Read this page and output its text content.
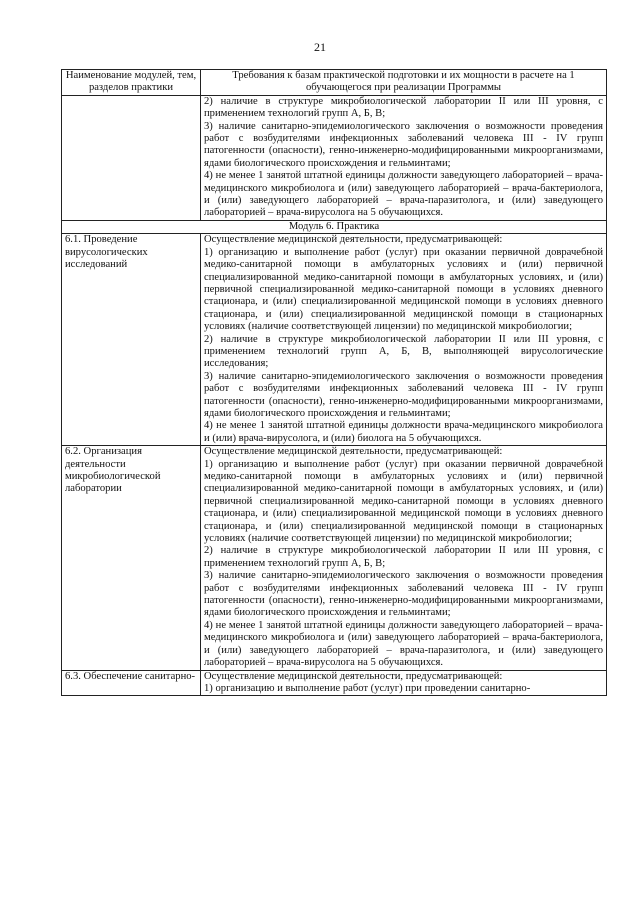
21
Наименование модулей, тем, разделов практики	Требования к базам практической подготовки и их мощности в расчете на 1 обучающегося при реализации Программы

	2) наличие в структуре микробиологической лаборатории II или III уровня, с применением технологий групп А, Б, В;
3) наличие санитарно-эпидемиологического заключения о возможности проведения работ с возбудителями инфекционных заболеваний человека III - IV групп патогенности (опасности), генно-инженерно-модифицированными микроорганизмами, ядами биологического происхождения и гельминтами;
4) не менее 1 занятой штатной единицы должности заведующего лабораторией – врача-медицинского микробиолога и (или) заведующего лабораторией – врача-бактериолога, и (или) заведующего лабораторией – врача-паразитолога, и (или) заведующего лабораторией – врача-вирусолога на 5 обучающихся.

Модуль 6. Практика	
6.1. Проведение вирусологических исследований	Осуществление медицинской деятельности, предусматривающей:
1) организацию и выполнение работ (услуг) при оказании первичной доврачебной медико-санитарной помощи в амбулаторных условиях и (или) первичной специализированной медико-санитарной помощи в амбулаторных условиях, и (или) первичной специализированной медико-санитарной помощи в условиях дневного стационара, и (или) специализированной медицинской помощи в условиях дневного стационара, и (или) специализированной медицинской помощи в стационарных условиях (наличие соответствующей лицензии) по медицинской микробиологии;
2) наличие в структуре микробиологической лаборатории II или III уровня, с применением технологий групп А, Б, В, выполняющей вирусологические исследования;
3) наличие санитарно-эпидемиологического заключения о возможности проведения работ с возбудителями инфекционных заболеваний человека III - IV групп патогенности (опасности), генно-инженерно-модифицированными микроорганизмами, ядами биологического происхождения и гельминтами;
4) не менее 1 занятой штатной единицы должности врача-медицинского микробиолога и (или) врача-вирусолога, и (или) биолога на 5 обучающихся.

6.2. Организация деятельности микробиологической лаборатории	Осуществление медицинской деятельности, предусматривающей:
1) организацию и выполнение работ (услуг) при оказании первичной доврачебной медико-санитарной помощи в амбулаторных условиях и (или) первичной специализированной медико-санитарной помощи в амбулаторных условиях, и (или) первичной специализированной медико-санитарной помощи в условиях дневного стационара, и (или) специализированной медицинской помощи в условиях дневного стационара, и (или) специализированной медицинской помощи в стационарных условиях (наличие соответствующей лицензии) по медицинской микробиологии;
2) наличие в структуре микробиологической лаборатории II или III уровня, с применением технологий групп А, Б, В;
3) наличие санитарно-эпидемиологического заключения о возможности проведения работ с возбудителями инфекционных заболеваний человека III - IV групп патогенности (опасности), генно-инженерно-модифицированными микроорганизмами, ядами биологического происхождения и гельминтами;
4) не менее 1 занятой штатной единицы должности заведующего лабораторией – врача-медицинского микробиолога и (или) заведующего лабораторией – врача-бактериолога, и (или) заведующего лабораторией – врача-паразитолога, и (или) заведующего лабораторией – врача-вирусолога на 5 обучающихся.

6.3. Обеспечение санитарно-	Осуществление медицинской деятельности, предусматривающей:
1) организацию и выполнение работ (услуг) при проведении санитарно-
